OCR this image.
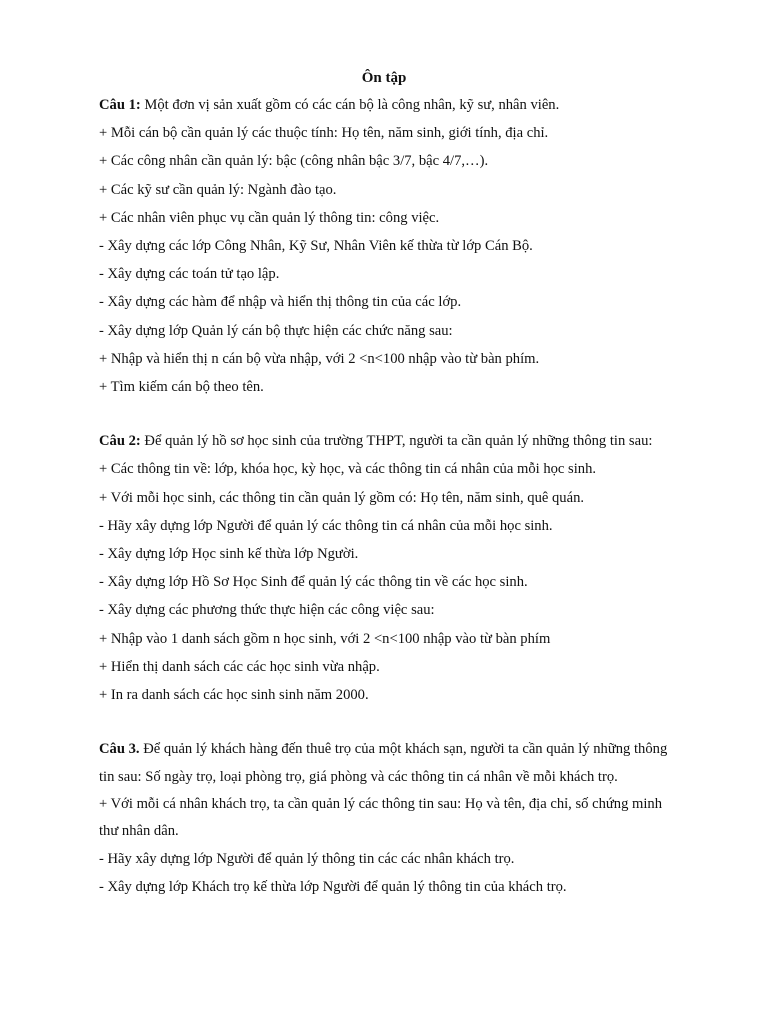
Ôn tập
Câu 1: Một đơn vị sản xuất gồm có các cán bộ là công nhân, kỹ sư, nhân viên.
+ Mỗi cán bộ cần quản lý các thuộc tính: Họ tên, năm sinh, giới tính, địa chỉ.
+ Các công nhân cần quản lý: bậc (công nhân bậc 3/7, bậc 4/7,…).
+ Các kỹ sư cần quản lý: Ngành đào tạo.
+ Các nhân viên phục vụ cần quản lý thông tin: công việc.
- Xây dựng các lớp Công Nhân, Kỹ Sư, Nhân Viên kế thừa từ lớp Cán Bộ.
- Xây dựng các toán tử tạo lập.
- Xây dựng các hàm để nhập và hiển thị thông tin của các lớp.
- Xây dựng lớp Quản lý cán bộ thực hiện các chức năng sau:
+ Nhập và hiển thị n cán bộ vừa nhập, với 2 <n<100 nhập vào từ bàn phím.
+ Tìm kiếm cán bộ theo tên.
Câu 2: Để quản lý hồ sơ học sinh của trường THPT, người ta cần quản lý những thông tin sau:
+ Các thông tin về: lớp, khóa học, kỳ học, và các thông tin cá nhân của mỗi học sinh.
+ Với mỗi học sinh, các thông tin cần quản lý gồm có: Họ tên, năm sinh, quê quán.
- Hãy xây dựng lớp Người để quản lý các thông tin cá nhân của mỗi học sinh.
- Xây dựng lớp Học sinh kế thừa lớp Người.
- Xây dựng lớp Hồ Sơ Học Sinh để quản lý các thông tin về các học sinh.
- Xây dựng các phương thức thực hiện các công việc sau:
+ Nhập vào 1 danh sách gồm n học sinh, với 2 <n<100 nhập vào từ bàn phím
+ Hiển thị danh sách các các học sinh vừa nhập.
+ In ra danh sách các học sinh sinh năm 2000.
Câu 3. Để quản lý khách hàng đến thuê trọ của một khách sạn, người ta cần quản lý những thông tin sau: Số ngày trọ, loại phòng trọ, giá phòng và các thông tin cá nhân về mỗi khách trọ.
+ Với mỗi cá nhân khách trọ, ta cần quản lý các thông tin sau: Họ và tên, địa chỉ, số chứng minh thư nhân dân.
- Hãy xây dựng lớp Người để quản lý thông tin các các nhân khách trọ.
- Xây dựng lớp Khách trọ kế thừa lớp Người để quản lý thông tin của khách trọ.
